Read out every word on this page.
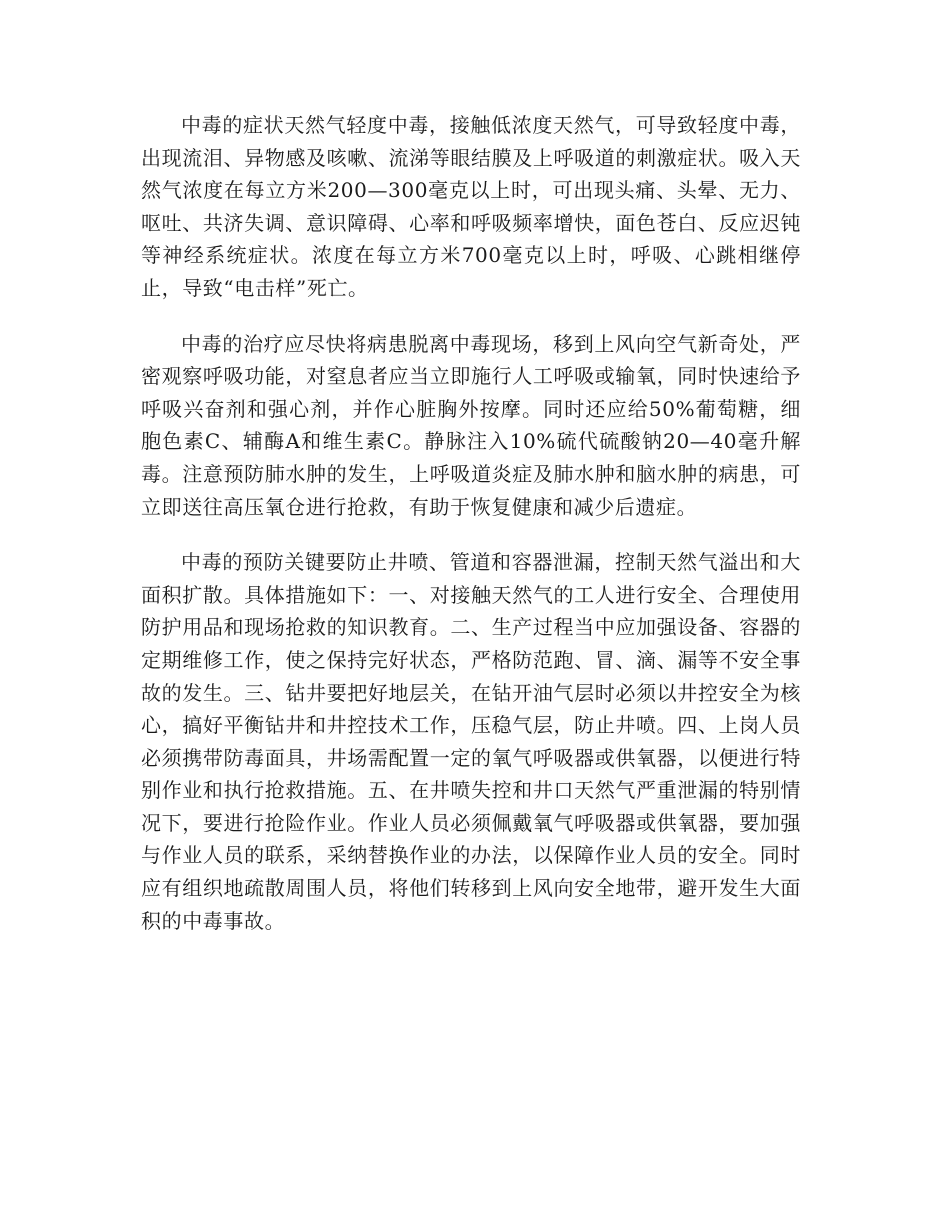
中毒的症状天然气轻度中毒，接触低浓度天然气，可导致轻度中毒，出现流泪、异物感及咳嗽、流涕等眼结膜及上呼吸道的刺激症状。吸入天然气浓度在每立方米200—300毫克以上时，可出现头痛、头晕、无力、呕吐、共济失调、意识障碍、心率和呼吸频率增快，面色苍白、反应迟钝等神经系统症状。浓度在每立方米700毫克以上时，呼吸、心跳相继停止，导致“电击样”死亡。

中毒的治疗应尽快将病患脱离中毒现场，移到上风向空气新奇处，严密观察呼吸功能，对窒息者应当立即施行人工呼吸或输氧，同时快速给予呼吸兴奋剂和强心剂，并作心脏胸外按摩。同时还应给50%葡萄糖，细胞色素C、辅酶A和维生素C。静脉注入10%硫代硫酸钠20—40毫升解毒。注意预防肺水肿的发生，上呼吸道炎症及肺水肿和脑水肿的病患，可立即送往高压氧仓进行抢救，有助于恢复健康和减少后遗症。

中毒的预防关键要防止井喷、管道和容器泄漏，控制天然气溢出和大面积扩散。具体措施如下：一、对接触天然气的工人进行安全、合理使用防护用品和现场抢救的知识教育。二、生产过程当中应加强设备、容器的定期维修工作，使之保持完好状态，严格防范跑、冒、滴、漏等不安全事故的发生。三、钻井要把好地层关，在钻开油气层时必须以井控安全为核心，搞好平衡钻井和井控技术工作，压稳气层，防止井喷。四、上岗人员必须携带防毒面具，井场需配置一定的氧气呼吸器或供氧器，以便进行特别作业和执行抢救措施。五、在井喷失控和井口天然气严重泄漏的特别情况下，要进行抢险作业。作业人员必须佩戴氧气呼吸器或供氧器，要加强与作业人员的联系，采纳替换作业的办法，以保障作业人员的安全。同时应有组织地疏散周围人员，将他们转移到上风向安全地带，避开发生大面积的中毒事故。
